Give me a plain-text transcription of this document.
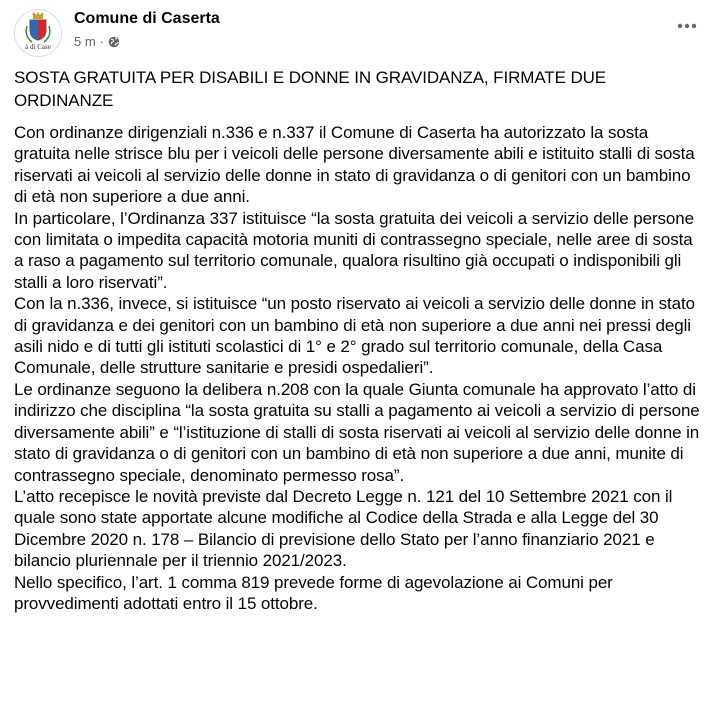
à di Case
Comune di Caserta
5 m ·

SOSTA GRATUITA PER DISABILI E DONNE IN GRAVIDANZA, FIRMATE DUE ORDINANZE

Con ordinanze dirigenziali n.336 e n.337 il Comune di Caserta ha autorizzato la sosta gratuita nelle strisce blu per i veicoli delle persone diversamente abili e istituito stalli di sosta riservati ai veicoli al servizio delle donne in stato di gravidanza o di genitori con un bambino di età non superiore a due anni.

In particolare, l’Ordinanza 337 istituisce “la sosta gratuita dei veicoli a servizio delle persone con limitata o impedita capacità motoria muniti di contrassegno speciale, nelle aree di sosta a raso a pagamento sul territorio comunale, qualora risultino già occupati o indisponibili gli stalli a loro riservati”.

Con la n.336, invece, si istituisce “un posto riservato ai veicoli a servizio delle donne in stato di gravidanza e dei genitori con un bambino di età non superiore a due anni nei pressi degli asili nido e di tutti gli istituti scolastici di 1° e 2° grado sul territorio comunale, della Casa Comunale, delle strutture sanitarie e presidi ospedalieri”.

Le ordinanze seguono la delibera n.208 con la quale Giunta comunale ha approvato l’atto di indirizzo che disciplina “la sosta gratuita su stalli a pagamento ai veicoli a servizio di persone diversamente abili” e “l’istituzione di stalli di sosta riservati ai veicoli al servizio delle donne in stato di gravidanza o di genitori con un bambino di età non superiore a due anni, munite di contrassegno speciale, denominato permesso rosa”.

L’atto recepisce le novità previste dal Decreto Legge n. 121 del 10 Settembre 2021 con il quale sono state apportate alcune modifiche al Codice della Strada e alla Legge del 30 Dicembre 2020 n. 178 – Bilancio di previsione dello Stato per l’anno finanziario 2021 e bilancio pluriennale per il triennio 2021/2023.

Nello specifico, l’art. 1 comma 819 prevede forme di agevolazione ai Comuni per provvedimenti adottati entro il 15 ottobre.
